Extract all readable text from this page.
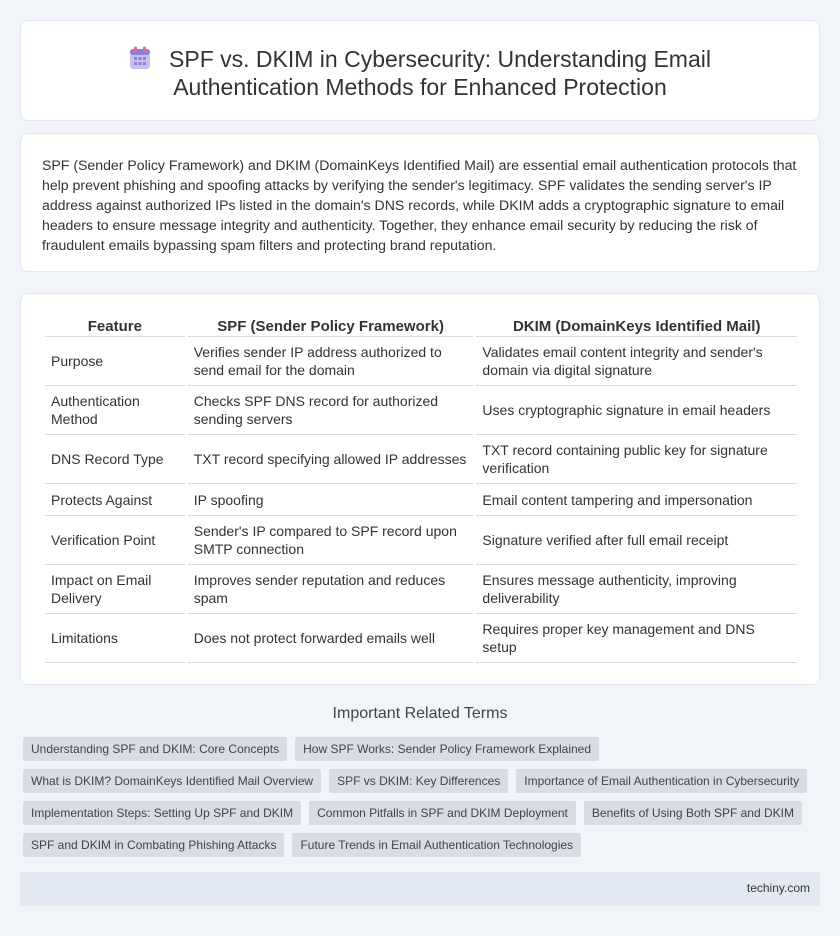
SPF vs. DKIM in Cybersecurity: Understanding Email
Authentication Methods for Enhanced Protection

SPF (Sender Policy Framework) and DKIM (DomainKeys Identified Mail) are essential email authentication protocols that help prevent phishing and spoofing attacks by verifying the sender's legitimacy. SPF validates the sending server's IP address against authorized IPs listed in the domain's DNS records, while DKIM adds a cryptographic signature to email headers to ensure message integrity and authenticity. Together, they enhance email security by reducing the risk of fraudulent emails bypassing spam filters and protecting brand reputation.

Feature	SPF (Sender Policy Framework)	DKIM (DomainKeys Identified Mail)
Purpose	Verifies sender IP address authorized to send email for the domain	Validates email content integrity and sender's domain via digital signature
Authentication Method	Checks SPF DNS record for authorized sending servers	Uses cryptographic signature in email headers
DNS Record Type	TXT record specifying allowed IP addresses	TXT record containing public key for signature verification
Protects Against	IP spoofing	Email content tampering and impersonation
Verification Point	Sender's IP compared to SPF record upon SMTP connection	Signature verified after full email receipt
Impact on Email Delivery	Improves sender reputation and reduces spam	Ensures message authenticity, improving deliverability
Limitations	Does not protect forwarded emails well	Requires proper key management and DNS setup
Important Related Terms
Understanding SPF and DKIM: Core Concepts	How SPF Works: Sender Policy Framework Explained
What is DKIM? DomainKeys Identified Mail Overview	SPF vs DKIM: Key Differences	Importance of Email Authentication in Cybersecurity
Implementation Steps: Setting Up SPF and DKIM	Common Pitfalls in SPF and DKIM Deployment	Benefits of Using Both SPF and DKIM
SPF and DKIM in Combating Phishing Attacks	Future Trends in Email Authentication Technologies
techiny.com
